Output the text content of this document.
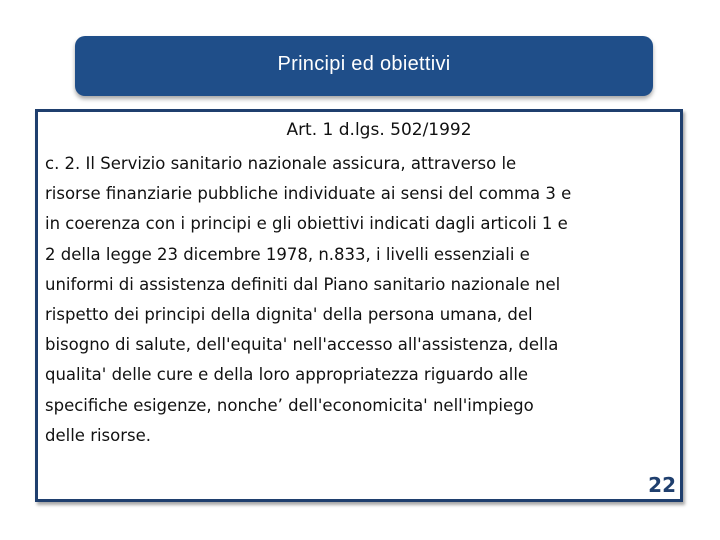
Principi ed obiettivi
Art. 1 d.lgs. 502/1992

c. 2. Il Servizio sanitario nazionale assicura, attraverso le
risorse finanziarie pubbliche individuate ai sensi del comma 3 e
in coerenza con i principi e gli obiettivi indicati dagli articoli 1 e
2 della legge 23 dicembre 1978, n.833, i livelli essenziali e
uniformi di assistenza definiti dal Piano sanitario nazionale nel
rispetto dei principi della dignita' della persona umana, del
bisogno di salute, dell'equita' nell'accesso all'assistenza, della
qualita' delle cure e della loro appropriatezza riguardo alle
specifiche esigenze, nonche’ dell'economicita' nell'impiego
delle risorse.

22
